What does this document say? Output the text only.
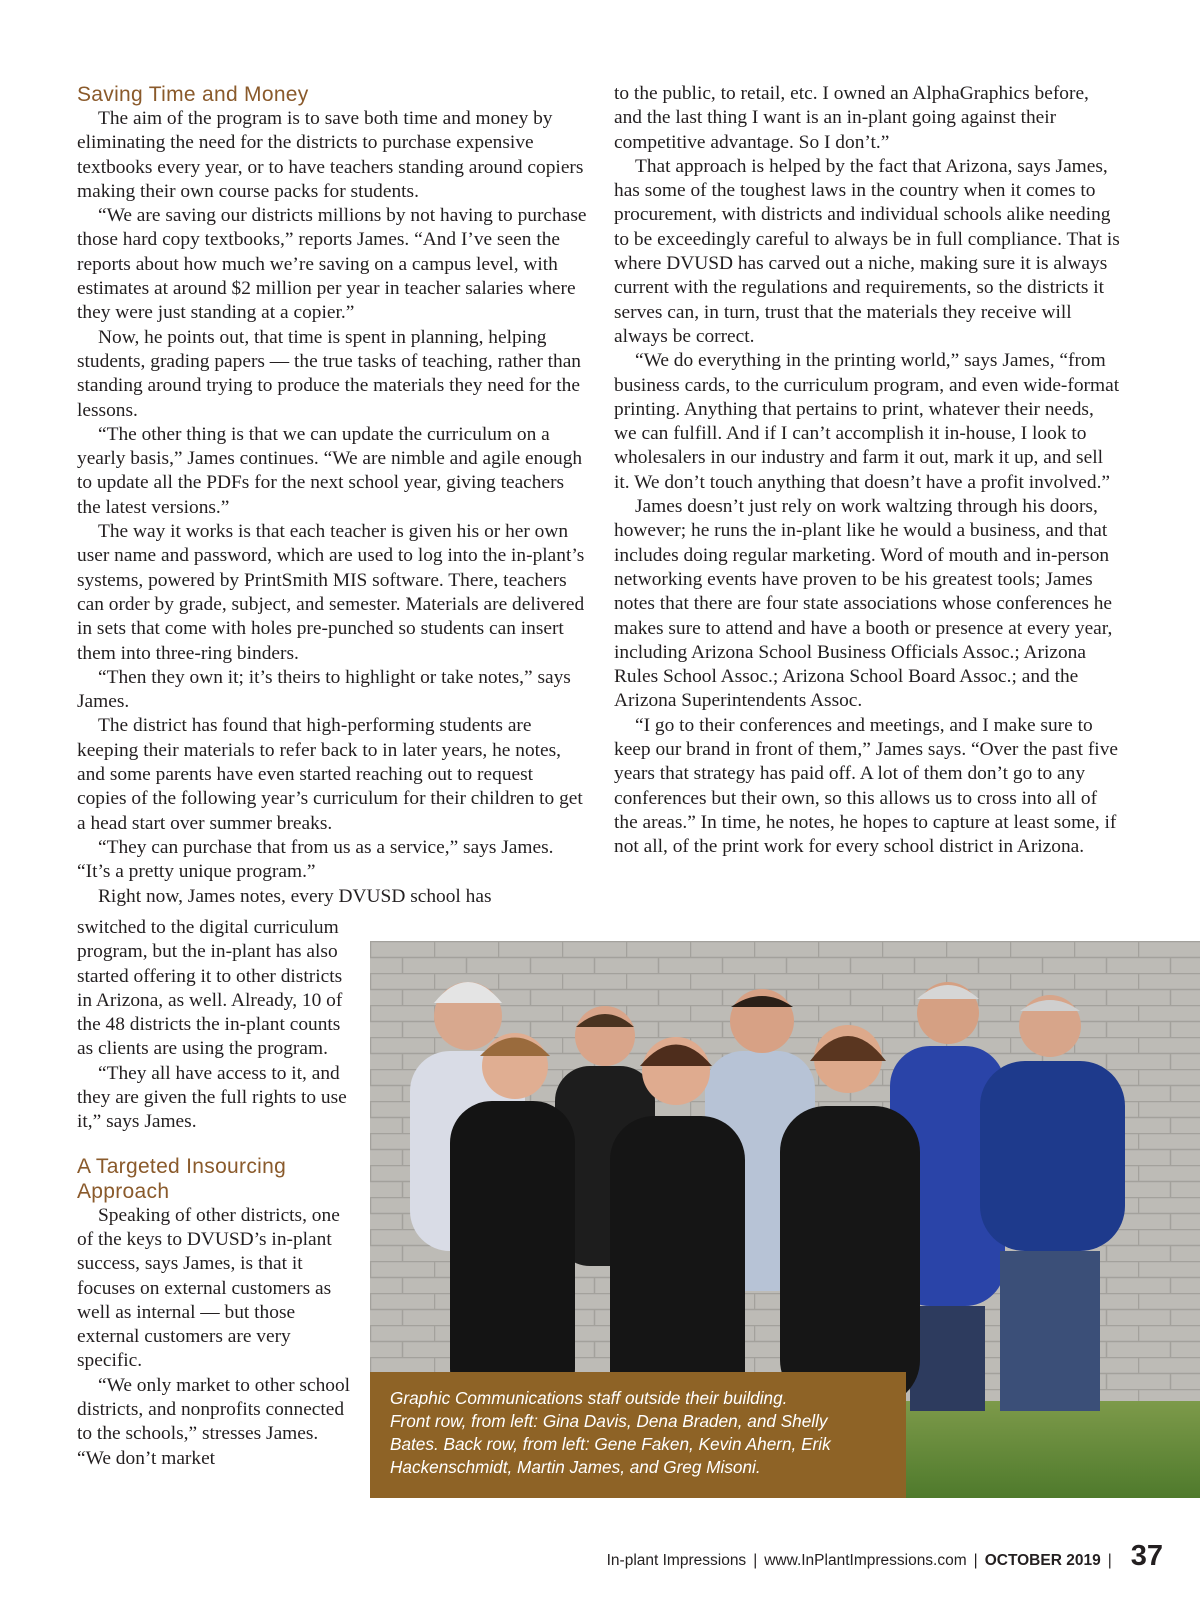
Saving Time and Money

The aim of the program is to save both time and money by eliminating the need for the districts to purchase expensive textbooks every year, or to have teachers standing around copiers making their own course packs for students.

“We are saving our districts millions by not having to purchase those hard copy textbooks,” reports James. “And I’ve seen the reports about how much we’re saving on a campus level, with estimates at around $2 million per year in teacher salaries where they were just standing at a copier.”

Now, he points out, that time is spent in planning, helping students, grading papers — the true tasks of teaching, rather than standing around trying to produce the materials they need for the lessons.

“The other thing is that we can update the curriculum on a yearly basis,” James continues. “We are nimble and agile enough to update all the PDFs for the next school year, giving teachers the latest versions.”

The way it works is that each teacher is given his or her own user name and password, which are used to log into the in-plant’s systems, powered by PrintSmith MIS software. There, teachers can order by grade, subject, and semester. Materials are delivered in sets that come with holes pre-punched so students can insert them into three-ring binders.

“Then they own it; it’s theirs to highlight or take notes,” says James.

The district has found that high-performing students are keeping their materials to refer back to in later years, he notes, and some parents have even started reaching out to request copies of the following year’s curriculum for their children to get a head start over summer breaks.

“They can purchase that from us as a service,” says James. “It’s a pretty unique program.”

Right now, James notes, every DVUSD school has

switched to the digital curriculum program, but the in-plant has also started offering it to other districts in Arizona, as well. Already, 10 of the 48 districts the in-plant counts as clients are using the program.

“They all have access to it, and they are given the full rights to use it,” says James.

A Targeted Insourcing Approach

Speaking of other districts, one of the keys to DVUSD’s in-plant success, says James, is that it focuses on external customers as well as internal — but those external customers are very specific.

“We only market to other school districts, and nonprofits connected to the schools,” stresses James. “We don’t market

to the public, to retail, etc. I owned an AlphaGraphics before, and the last thing I want is an in-plant going against their competitive advantage. So I don’t.”

That approach is helped by the fact that Arizona, says James, has some of the toughest laws in the country when it comes to procurement, with districts and individual schools alike needing to be exceedingly careful to always be in full compliance. That is where DVUSD has carved out a niche, making sure it is always current with the regulations and requirements, so the districts it serves can, in turn, trust that the materials they receive will always be correct.

“We do everything in the printing world,” says James, “from business cards, to the curriculum program, and even wide-format printing. Anything that pertains to print, whatever their needs, we can fulfill. And if I can’t accomplish it in-house, I look to wholesalers in our industry and farm it out, mark it up, and sell it. We don’t touch anything that doesn’t have a profit involved.”

James doesn’t just rely on work waltzing through his doors, however; he runs the in-plant like he would a business, and that includes doing regular marketing. Word of mouth and in-person networking events have proven to be his greatest tools; James notes that there are four state associations whose conferences he makes sure to attend and have a booth or presence at every year, including Arizona School Business Officials Assoc.; Arizona Rules School Assoc.; Arizona School Board Assoc.; and the Arizona Superintendents Assoc.

“I go to their conferences and meetings, and I make sure to keep our brand in front of them,” James says. “Over the past five years that strategy has paid off. A lot of them don’t go to any conferences but their own, so this allows us to cross into all of the areas.” In time, he notes, he hopes to capture at least some, if not all, of the print work for every school district in Arizona.

Graphic Communications staff outside their building.
Front row, from left: Gina Davis, Dena Braden, and Shelly
Bates. Back row, from left: Gene Faken, Kevin Ahern, Erik
Hackenschmidt, Martin James, and Greg Misoni.
In-plant Impressions | www.InPlantImpressions.com | OCTOBER 2019 | 37
